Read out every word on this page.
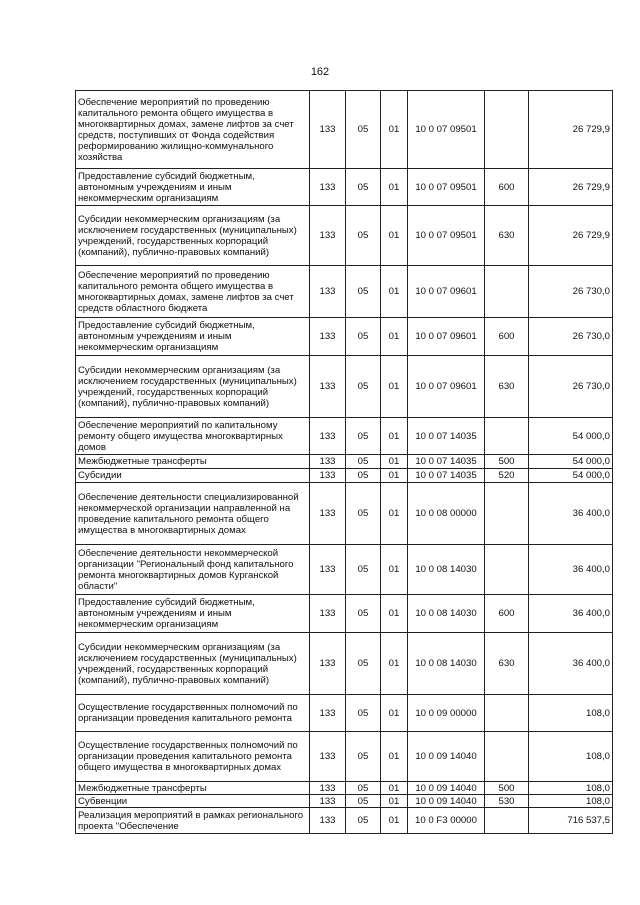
162
Обеспечение мероприятий по проведению капитального ремонта общего имущества в многоквартирных домах, замене лифтов за счет средств, поступивших от Фонда содействия реформированию жилищно-коммунального хозяйства	133	05	01	10 0 07 09501		26 729,9
Предоставление субсидий бюджетным, автономным учреждениям и иным некоммерческим организациям	133	05	01	10 0 07 09501	600	26 729,9
Субсидии некоммерческим организациям (за исключением государственных (муниципальных) учреждений, государственных корпораций (компаний), публично-правовых компаний)	133	05	01	10 0 07 09501	630	26 729,9
Обеспечение мероприятий по проведению капитального ремонта общего имущества в многоквартирных домах, замене лифтов за счет средств областного бюджета	133	05	01	10 0 07 09601		26 730,0
Предоставление субсидий бюджетным, автономным учреждениям и иным некоммерческим организациям	133	05	01	10 0 07 09601	600	26 730,0
Субсидии некоммерческим организациям (за исключением государственных (муниципальных) учреждений, государственных корпораций (компаний), публично-правовых компаний)	133	05	01	10 0 07 09601	630	26 730,0
Обеспечение мероприятий по капитальному ремонту общего имущества многоквартирных домов	133	05	01	10 0 07 14035		54 000,0
Межбюджетные трансферты	133	05	01	10 0 07 14035	500	54 000,0
Субсидии	133	05	01	10 0 07 14035	520	54 000,0
Обеспечение деятельности специализированной некоммерческой организации направленной на проведение капитального ремонта общего имущества в многоквартирных домах	133	05	01	10 0 08 00000		36 400,0
Обеспечение деятельности некоммерческой организации "Региональный фонд капитального ремонта многоквартирных домов Курганской области"	133	05	01	10 0 08 14030		36 400,0
Предоставление субсидий бюджетным, автономным учреждениям и иным некоммерческим организациям	133	05	01	10 0 08 14030	600	36 400,0
Субсидии некоммерческим организациям (за исключением государственных (муниципальных) учреждений, государственных корпораций (компаний), публично-правовых компаний)	133	05	01	10 0 08 14030	630	36 400,0
Осуществление государственных полномочий по организации проведения капитального ремонта	133	05	01	10 0 09 00000		108,0
Осуществление государственных полномочий по организации проведения капитального ремонта общего имущества в многоквартирных домах	133	05	01	10 0 09 14040		108,0
Межбюджетные трансферты	133	05	01	10 0 09 14040	500	108,0
Субвенции	133	05	01	10 0 09 14040	530	108,0
Реализация мероприятий в рамках регионального проекта "Обеспечение	133	05	01	10 0 F3 00000		716 537,5
